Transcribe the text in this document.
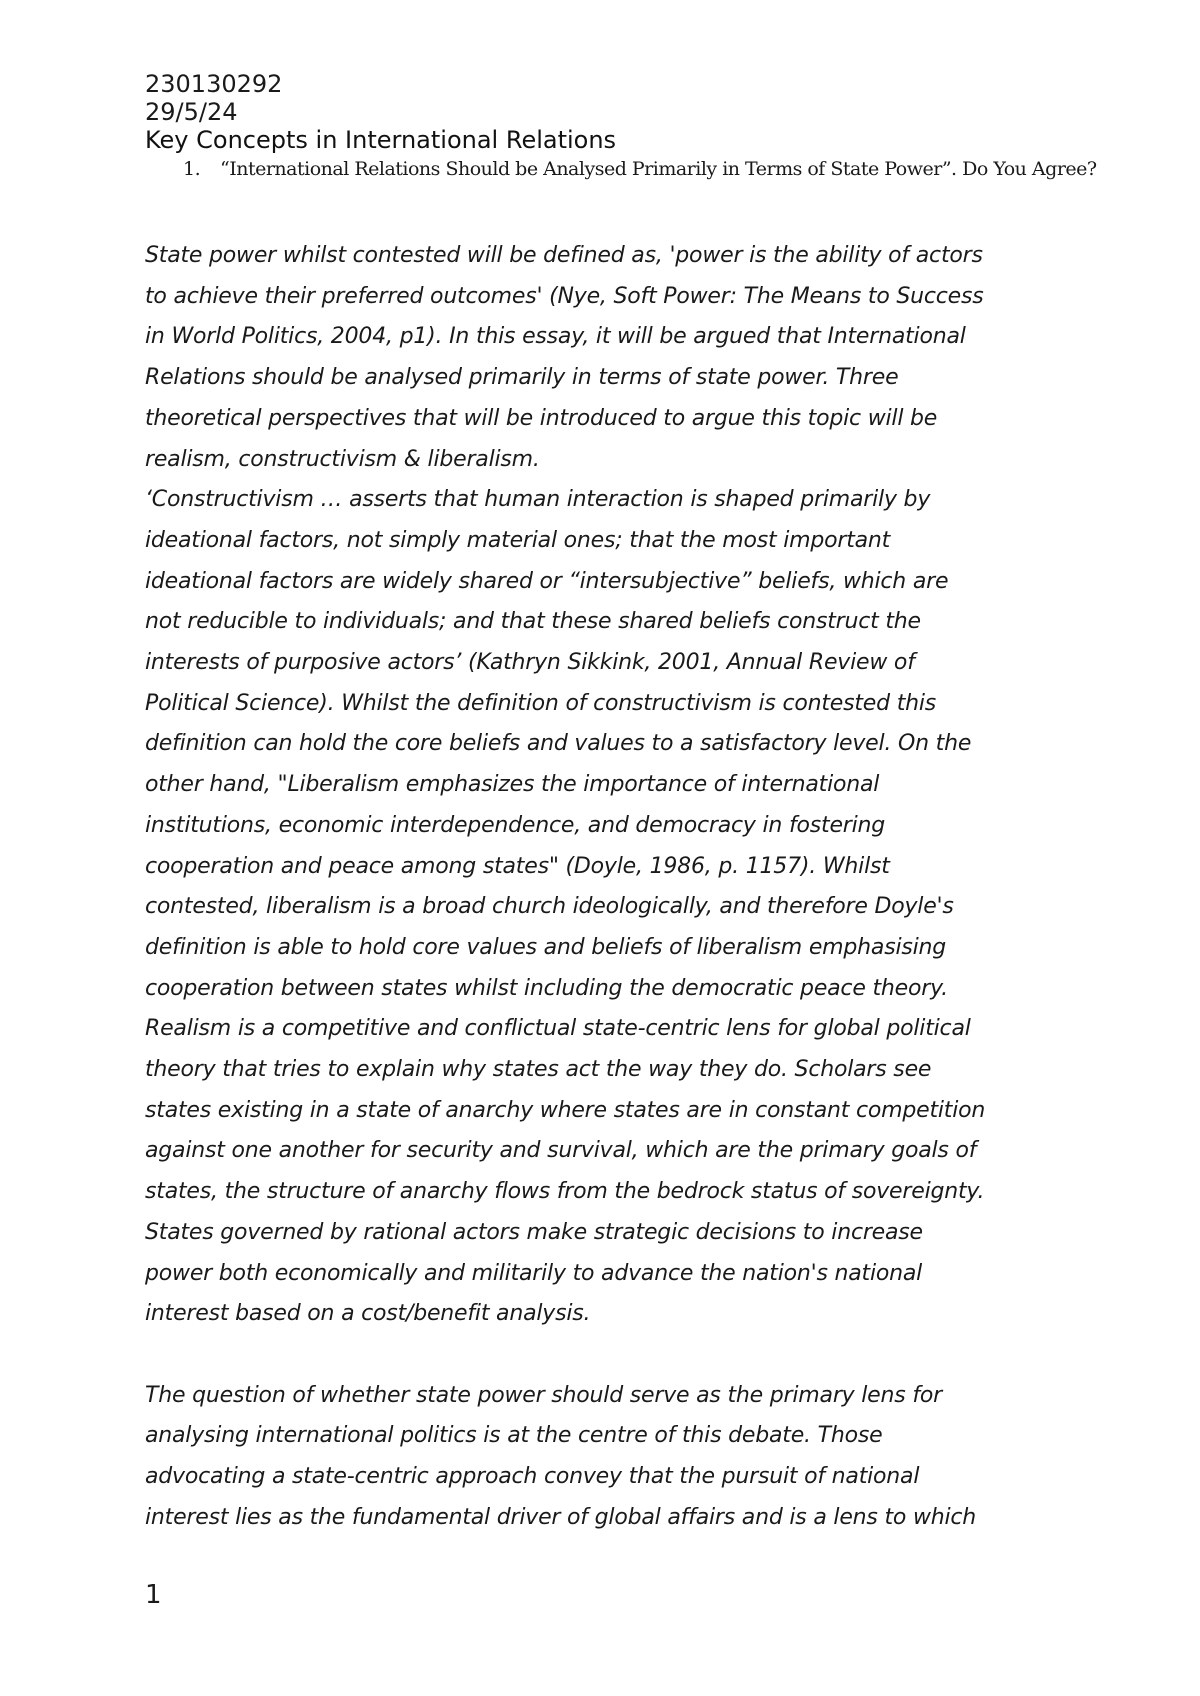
230130292

29/5/24

Key Concepts in International Relations

1. “International Relations Should be Analysed Primarily in Terms of State Power”. Do You Agree?

State power whilst contested will be defined as, 'power is the ability of actors

to achieve their preferred outcomes' (Nye, Soft Power: The Means to Success

in World Politics, 2004, p1). In this essay, it will be argued that International

Relations should be analysed primarily in terms of state power. Three

theoretical perspectives that will be introduced to argue this topic will be

realism, constructivism & liberalism.

‘Constructivism … asserts that human interaction is shaped primarily by

ideational factors, not simply material ones; that the most important

ideational factors are widely shared or “intersubjective” beliefs, which are

not reducible to individuals; and that these shared beliefs construct the

interests of purposive actors’ (Kathryn Sikkink, 2001, Annual Review of

Political Science). Whilst the definition of constructivism is contested this

definition can hold the core beliefs and values to a satisfactory level. On the

other hand, "Liberalism emphasizes the importance of international

institutions, economic interdependence, and democracy in fostering

cooperation and peace among states" (Doyle, 1986, p. 1157). Whilst

contested, liberalism is a broad church ideologically, and therefore Doyle's

definition is able to hold core values and beliefs of liberalism emphasising

cooperation between states whilst including the democratic peace theory.

Realism is a competitive and conflictual state-centric lens for global political

theory that tries to explain why states act the way they do. Scholars see

states existing in a state of anarchy where states are in constant competition

against one another for security and survival, which are the primary goals of

states, the structure of anarchy flows from the bedrock status of sovereignty.

States governed by rational actors make strategic decisions to increase

power both economically and militarily to advance the nation's national

interest based on a cost/benefit analysis.

The question of whether state power should serve as the primary lens for

analysing international politics is at the centre of this debate. Those

advocating a state-centric approach convey that the pursuit of national

interest lies as the fundamental driver of global affairs and is a lens to which

1
